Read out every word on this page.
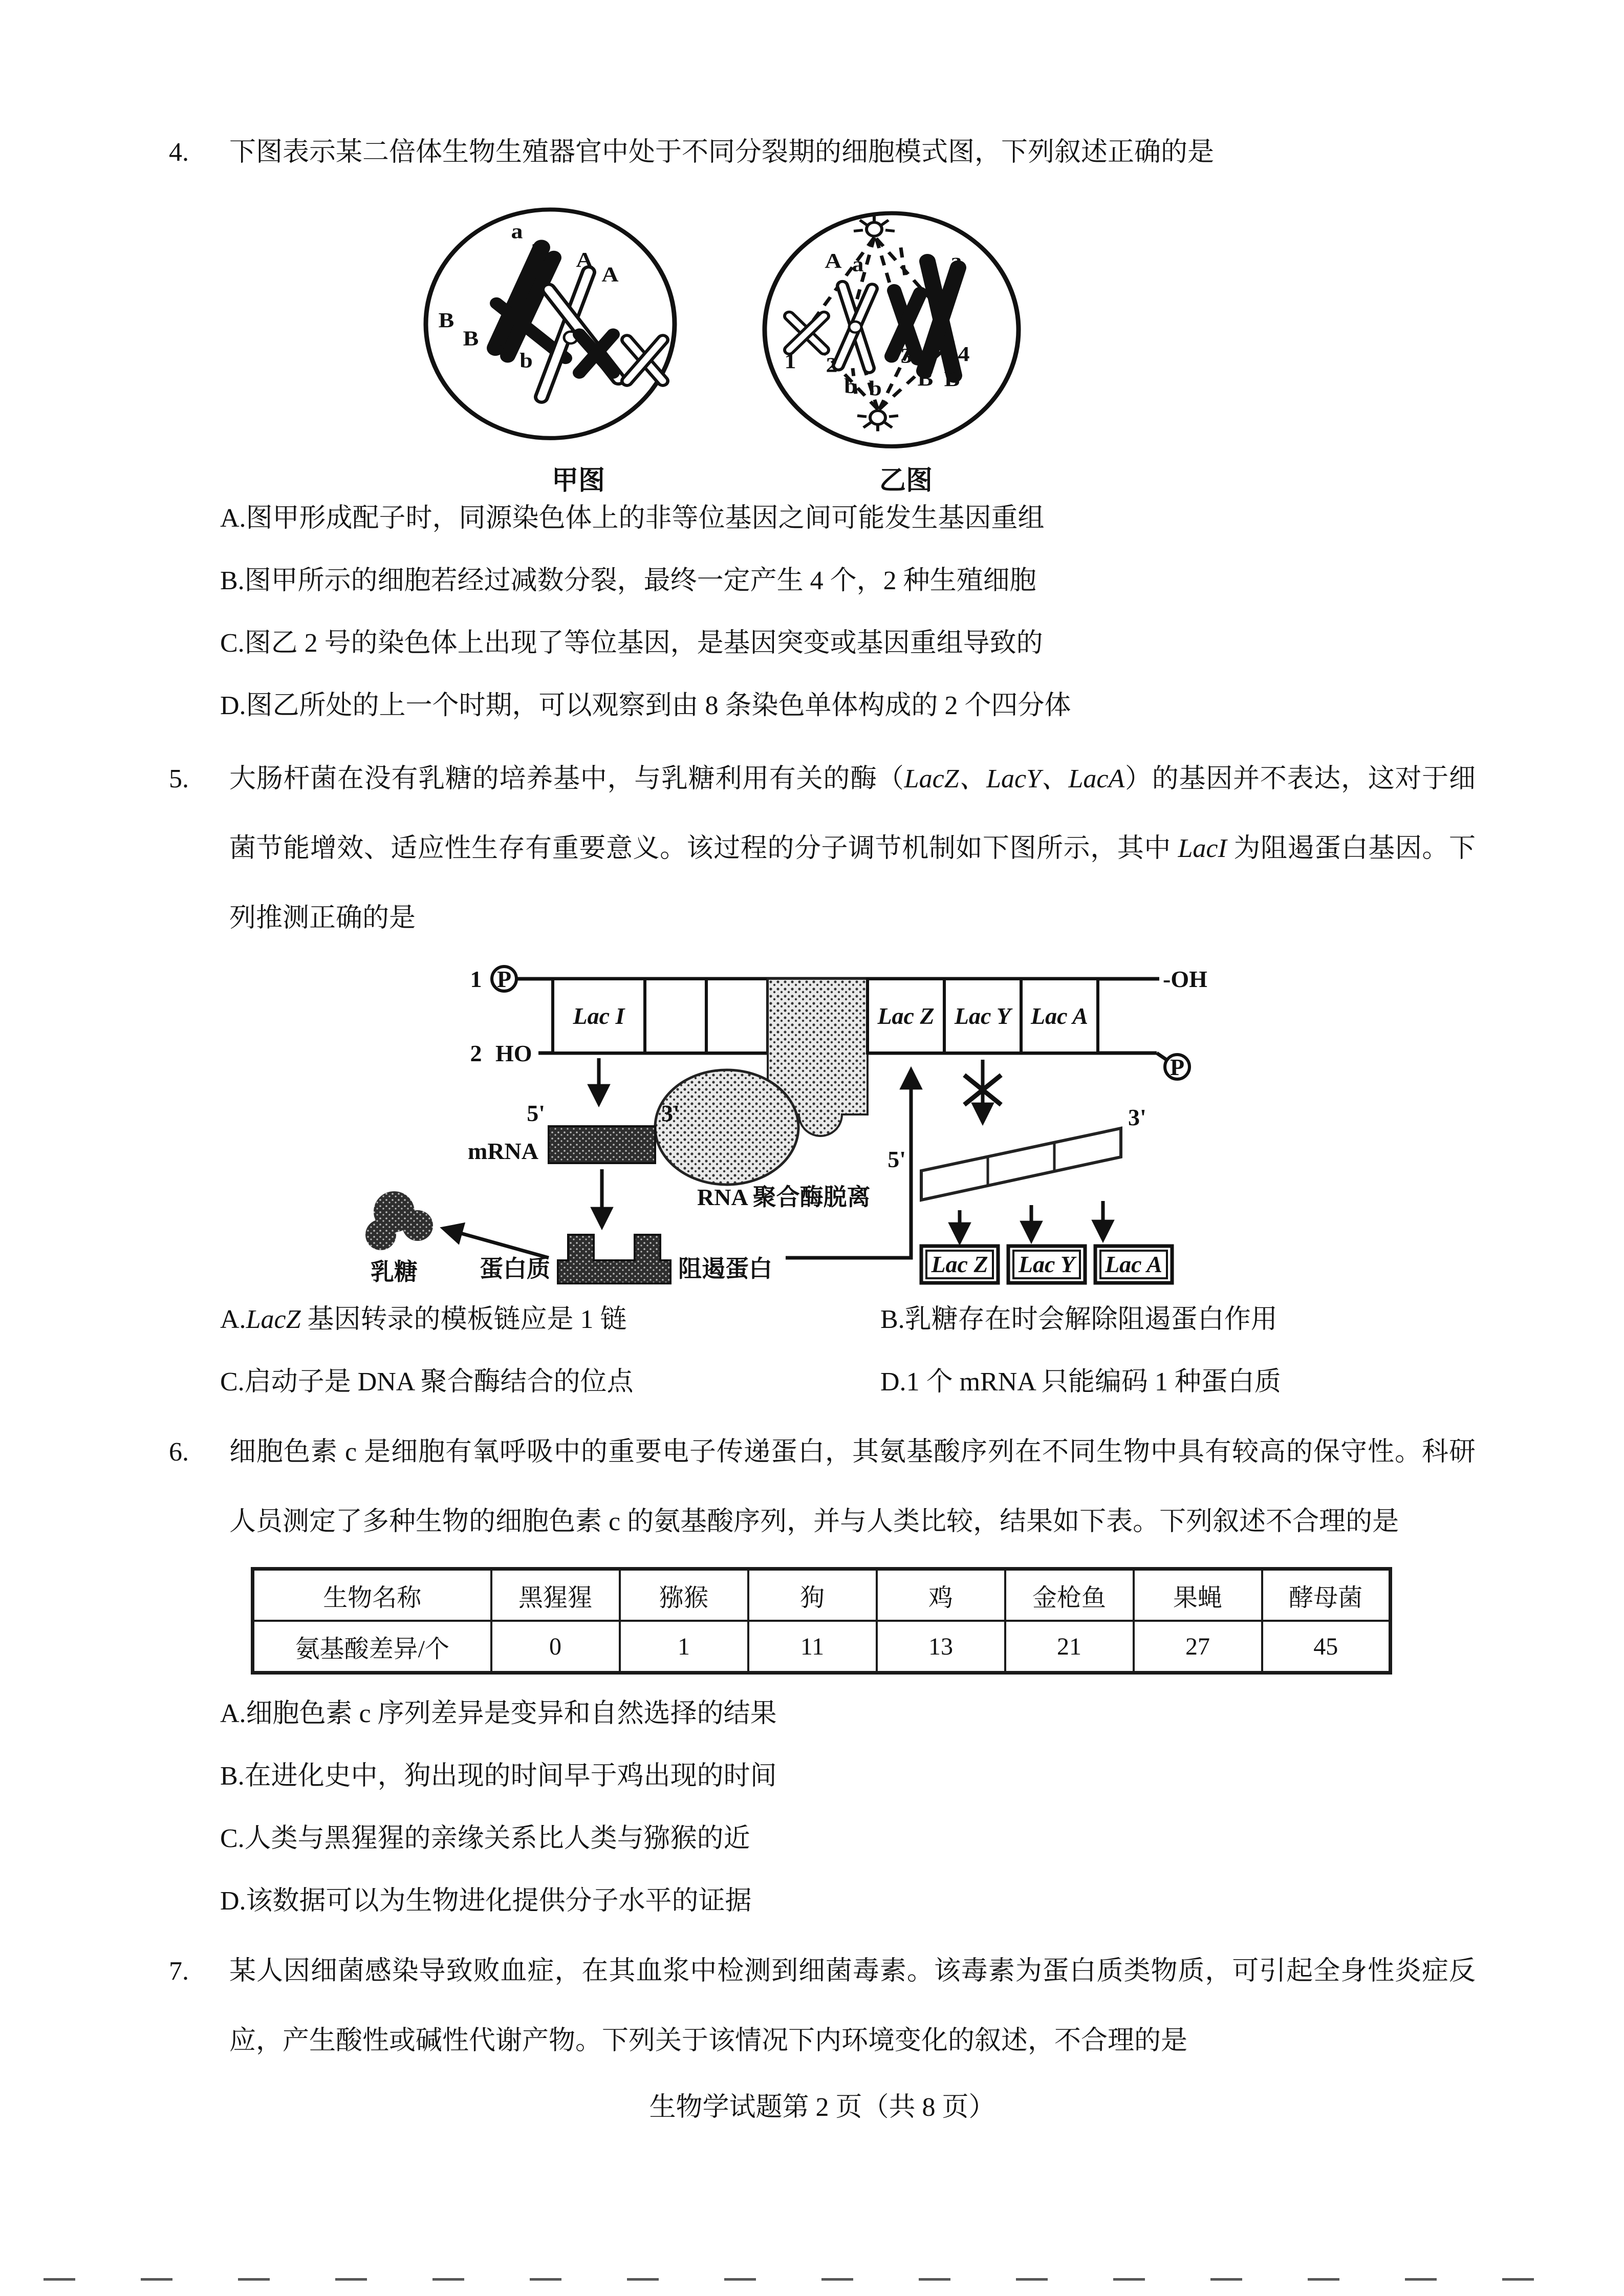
4. 下图表示某二倍体生物生殖器官中处于不同分裂期的细胞模式图，下列叙述正确的是
a
a
A
A
B
B b
b
A a	a a
1 2	3 4
b b B B
甲图	乙图
A.图甲形成配子时，同源染色体上的非等位基因之间可能发生基因重组
B.图甲所示的细胞若经过减数分裂，最终一定产生 4 个，2 种生殖细胞
C.图乙 2 号的染色体上出现了等位基因，是基因突变或基因重组导致的
D.图乙所处的上一个时期，可以观察到由 8 条染色单体构成的 2 个四分体
5. 大肠杆菌在没有乳糖的培养基中，与乳糖利用有关的酶（LacZ、LacY、LacA）的基因并不表达，这对于细菌节能增效、适应性生存有重要意义。该过程的分子调节机制如下图所示，其中 LacI 为阻遏蛋白基因。下列推测正确的是
1 P	-OH
2 HO
P
Lac I	Lac Z Lac Y Lac A
RNA 聚合酶脱离
5'	3'
mRNA
蛋白质	阻遏蛋白
乳糖
5'
3'
Lac Z Lac Y Lac A
A.LacZ 基因转录的模板链应是 1 链	B.乳糖存在时会解除阻遏蛋白作用
C.启动子是 DNA 聚合酶结合的位点	D.1 个 mRNA 只能编码 1 种蛋白质
6. 细胞色素 c 是细胞有氧呼吸中的重要电子传递蛋白，其氨基酸序列在不同生物中具有较高的保守性。科研人员测定了多种生物的细胞色素 c 的氨基酸序列，并与人类比较，结果如下表。下列叙述不合理的是
生物名称	黑猩猩	猕猴	狗	鸡	金枪鱼	果蝇	酵母菌
氨基酸差异/个	0	1	11	13	21	27	45
A.细胞色素 c 序列差异是变异和自然选择的结果
B.在进化史中，狗出现的时间早于鸡出现的时间
C.人类与黑猩猩的亲缘关系比人类与猕猴的近
D.该数据可以为生物进化提供分子水平的证据
7. 某人因细菌感染导致败血症，在其血浆中检测到细菌毒素。该毒素为蛋白质类物质，可引起全身性炎症反应，产生酸性或碱性代谢产物。下列关于该情况下内环境变化的叙述，不合理的是
生物学试题第 2 页（共 8 页）
